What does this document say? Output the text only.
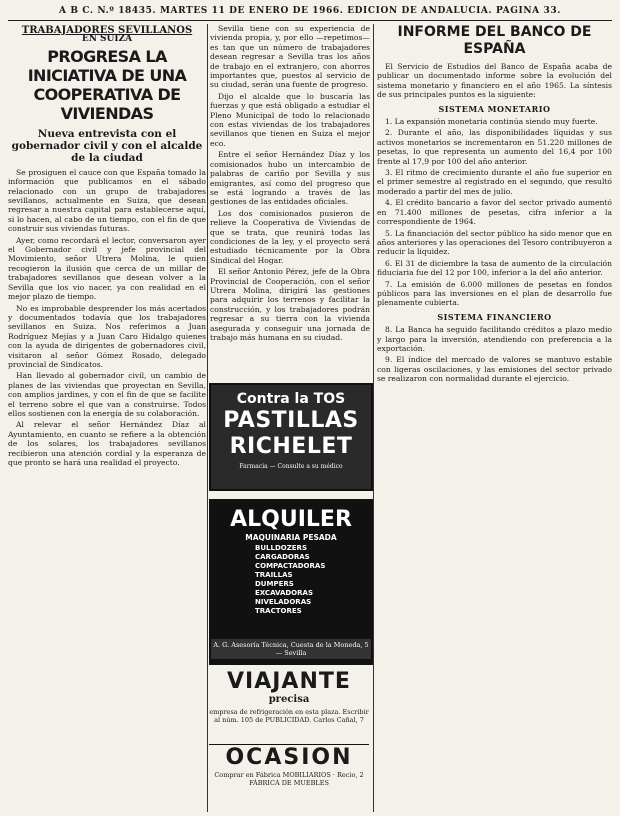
A B C. N.º 18435. MARTES 11 DE ENERO DE 1966. EDICION DE ANDALUCIA. PAGINA 33.
TRABAJADORES SEVILLANOS
EN SUIZA
PROGRESA LA INICIATIVA DE UNA COOPERATIVA DE VIVIENDAS
Nueva entrevista con el gobernador civil y con el alcalde de la ciudad

Se prosiguen el cauce con que España tomado la información que publicamos en el sábado relacionado con un grupo de trabajadores sevillanos, actualmente en Suiza, que desean regresar a nuestra capital para establecerse aquí, si lo hacen, al cabo de un tiempo, con el fin de que construir sus viviendas futuras.

Ayer, como recordará el lector, conversaron ayer el Gobernador civil y jefe provincial del Movimiento, señor Utrera Molina, le quien recogieron la ilusión que cerca de un millar de trabajadores sevillanos que desean volver a la Sevilla que los vio nacer, ya con realidad en el mejor plazo de tiempo.

No es improbable desprender los más acertados y documentados todavía que los trabajadores sevillanos en Suiza. Nos referimos a Juan Rodríguez Mejías y a Juan Caro Hidalgo quienes con la ayuda de dirigentes de gobernadores civil, visitaron al señor Gómez Rosado, delegado provincial de Sindicatos.

Han llevado al gobernador civil, un cambio de planes de las viviendas que proyectan en Sevilla, con amplios jardines, y con el fin de que se facilite el terreno sobre el que van a construirse. Todos ellos sostienen con la energía de su colaboración.

Al relevar el señor Hernández Díaz al Ayuntamiento, en cuanto se refiere a la obtención de los solares, los trabajadores sevillanos recibieron una atención cordial y la esperanza de que pronto se hará una realidad el proyecto.

Sevilla tiene con su experiencia de vivienda propia, y, por ello —repetimos— es tan que un número de trabajadores desean regresar a Sevilla tras los años de trabajo en el extranjero, con ahorros importantes que, puestos al servicio de su ciudad, serán una fuente de progreso.

Dijo el alcalde que lo buscaría las fuerzas y que está obligado a estudiar el Pleno Municipal de todo lo relacionado con estas viviendas de los trabajadores sevillanos que tienen en Suiza el mejor eco.

Entre el señor Hernández Díaz y los comisionados hubo un intercambio de palabras de cariño por Sevilla y sus emigrantes, así como del progreso que se está logrando a través de las gestiones de las entidades oficiales.

Los dos comisionados pusieron de relieve la Cooperativa de Viviendas de que se trata, que reunirá todas las condiciones de la ley, y el proyecto será estudiado técnicamente por la Obra Sindical del Hogar.

El señor Antonio Pérez, jefe de la Obra Provincial de Cooperación, con el señor Utrera Molina, dirigirá las gestiones para adquirir los terrenos y facilitar la construcción, y los trabajadores podrán regresar a su tierra con la vivienda asegurada y conseguir una jornada de trabajo más humana en su ciudad.

Contra la TOS
PASTILLAS
RICHELET
Farmacia — Consulte a su médico
ALQUILER
MAQUINARIA PESADA
BULLDOZERS
CARGADORAS
COMPACTADORAS
TRAILLAS
DUMPERS
EXCAVADORAS
NIVELADORAS
TRACTORES
A. G. Asesoría Técnica, Cuesta de la Moneda, 5 — Sevilla
VIAJANTE
precisa
empresa de refrigeración en esta plaza. Escribir al núm. 105 de PUBLICIDAD. Carlos Cañal, 7
OCASION
Comprar en Fábrica MOBILIARIOS · Recio, 2 FÁBRICA DE MUEBLES
INFORME DEL BANCO DE ESPAÑA

El Servicio de Estudios del Banco de España acaba de publicar un documentado informe sobre la evolución del sistema monetario y financiero en el año 1965. La síntesis de sus principales puntos es la siguiente:

SISTEMA MONETARIO

1. La expansión monetaria continúa siendo muy fuerte.

2. Durante el año, las disponibilidades líquidas y sus activos monetarios se incrementaron en 51.220 millones de pesetas, lo que representa un aumento del 16,4 por 100 frente al 17,9 por 100 del año anterior.

3. El ritmo de crecimiento durante el año fue superior en el primer semestre al registrado en el segundo, que resultó moderado a partir del mes de julio.

4. El crédito bancario a favor del sector privado aumentó en 71.400 millones de pesetas, cifra inferior a la correspondiente de 1964.

5. La financiación del sector público ha sido menor que en años anteriores y las operaciones del Tesoro contribuyeron a reducir la liquidez.

6. El 31 de diciembre la tasa de aumento de la circulación fiduciaria fue del 12 por 100, inferior a la del año anterior.

7. La emisión de 6.000 millones de pesetas en fondos públicos para las inversiones en el plan de desarrollo fue plenamente cubierta.

SISTEMA FINANCIERO

8. La Banca ha seguido facilitando créditos a plazo medio y largo para la inversión, atendiendo con preferencia a la exportación.

9. El índice del mercado de valores se mantuvo estable con ligeras oscilaciones, y las emisiones del sector privado se realizaron con normalidad durante el ejercicio.
